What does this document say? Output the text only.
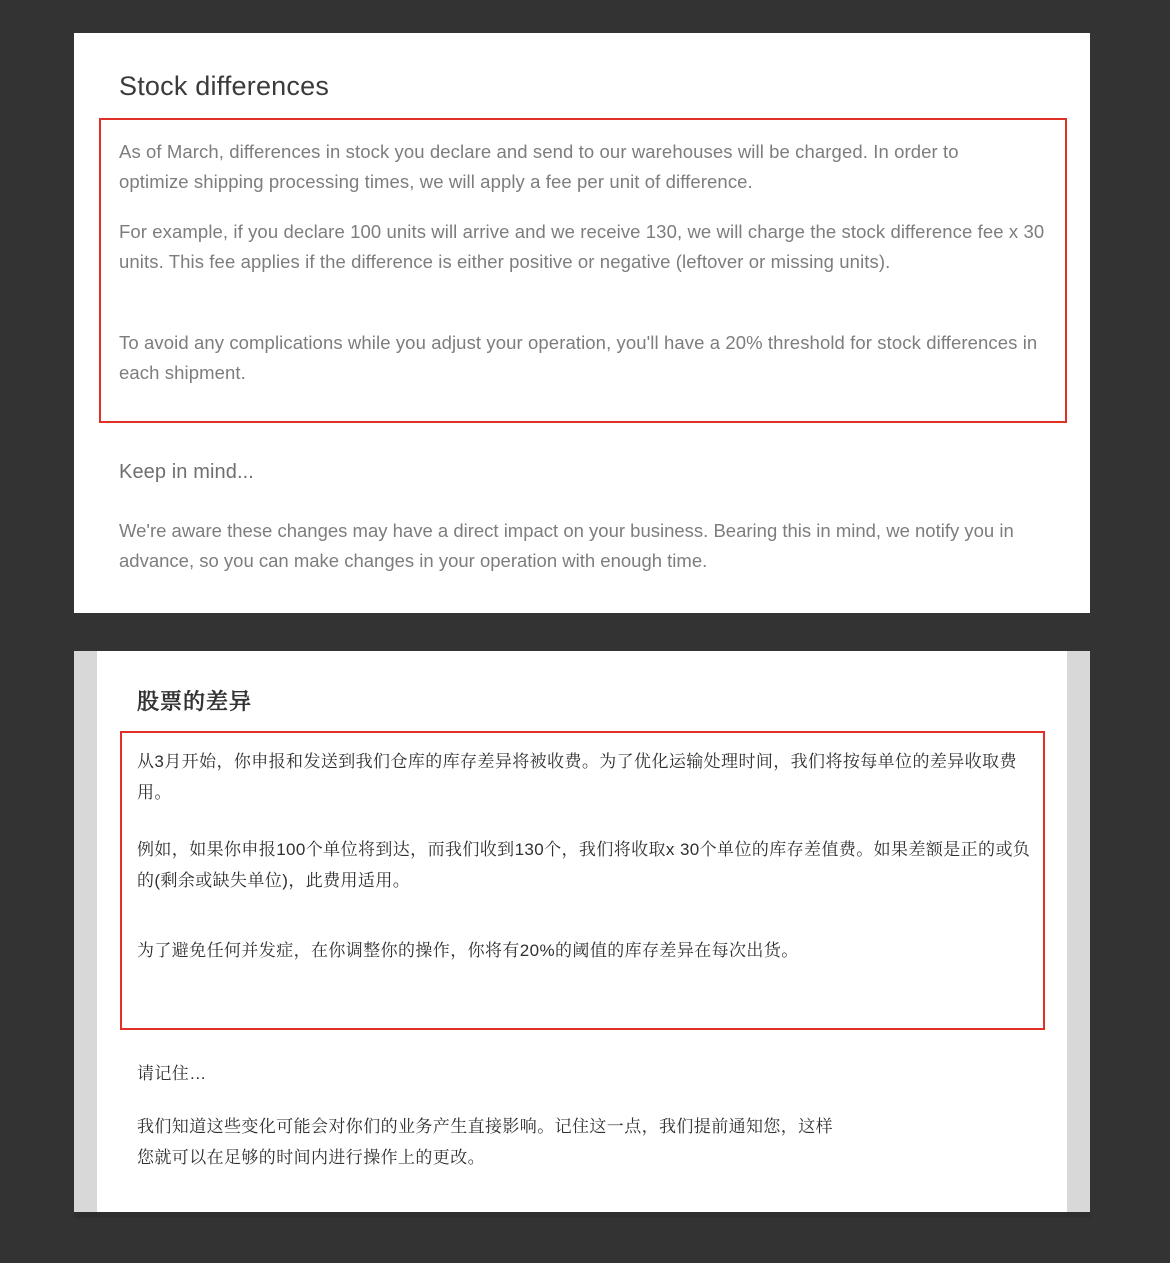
Stock differences
As of March, differences in stock you declare and send to our warehouses will be charged. In order to optimize shipping processing times, we will apply a fee per unit of difference.
For example, if you declare 100 units will arrive and we receive 130, we will charge the stock difference fee x 30 units. This fee applies if the difference is either positive or negative (leftover or missing units).
To avoid any complications while you adjust your operation, you'll have a 20% threshold for stock differences in each shipment.
Keep in mind...
We're aware these changes may have a direct impact on your business. Bearing this in mind, we notify you in advance, so you can make changes in your operation with enough time.
股票的差异
从3月开始，你申报和发送到我们仓库的库存差异将被收费。为了优化运输处理时间，我们将按每单位的差异收取费用。
例如，如果你申报100个单位将到达，而我们收到130个，我们将收取x 30个单位的库存差值费。如果差额是正的或负的(剩余或缺失单位)，此费用适用。
为了避免任何并发症，在你调整你的操作，你将有20%的阈值的库存差异在每次出货。
请记住…
我们知道这些变化可能会对你们的业务产生直接影响。记住这一点，我们提前通知您，这样您就可以在足够的时间内进行操作上的更改。
